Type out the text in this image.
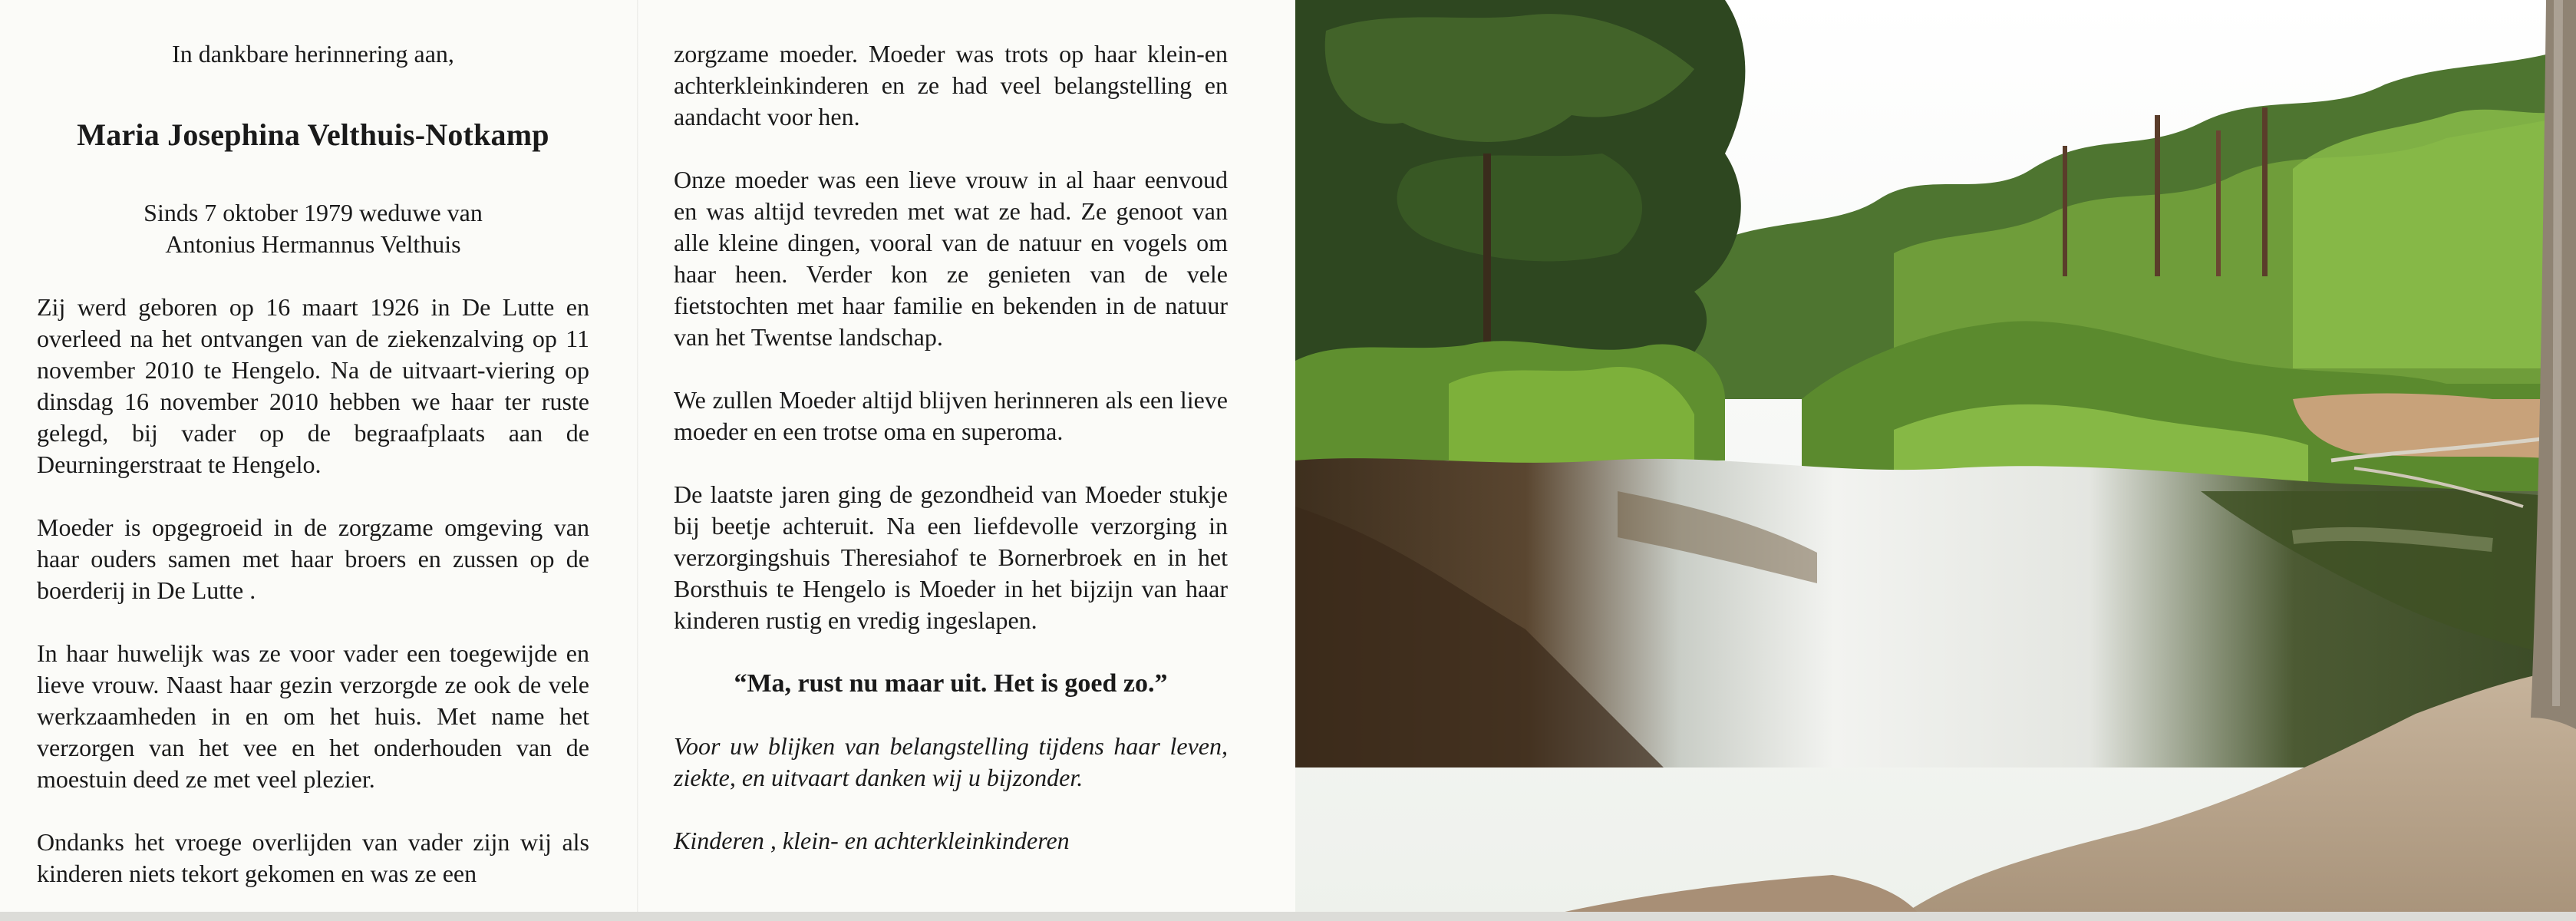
In dankbare herinnering aan,

Maria Josephina Velthuis-Notkamp

Sinds 7 oktober 1979 weduwe van

Antonius Hermannus Velthuis

Zij werd geboren op 16 maart 1926 in De Lutte en overleed na het ontvangen van de ziekenzalving op 11 november 2010 te Hengelo. Na de uitvaart-viering op dinsdag 16 november 2010 hebben we haar ter ruste gelegd, bij vader op de begraafplaats aan de Deurningerstraat te Hengelo.

Moeder is opgegroeid in de zorgzame omgeving van haar ouders samen met haar broers en zussen op de boerderij in De Lutte .

In haar huwelijk was ze voor vader een toegewijde en lieve vrouw. Naast haar gezin verzorgde ze ook de vele werkzaamheden in en om het huis. Met name het verzorgen van het vee en het onderhouden van de moestuin deed ze met veel plezier.

Ondanks het vroege overlijden van vader zijn wij als kinderen niets tekort gekomen en was ze een

zorgzame moeder. Moeder was trots op haar klein-en achterkleinkinderen en ze had veel belangstelling en aandacht voor hen.

Onze moeder was een lieve vrouw in al haar eenvoud en was altijd tevreden met wat ze had. Ze genoot van alle kleine dingen, vooral van de natuur en vogels om haar heen. Verder kon ze genieten van de vele fietstochten met haar familie en bekenden in de natuur van het Twentse landschap.

We zullen Moeder altijd blijven herinneren als een lieve moeder en een trotse oma en superoma.

De laatste jaren ging de gezondheid van Moeder stukje bij beetje achteruit. Na een liefdevolle verzorging in verzorgingshuis Theresiahof te Bornerbroek en in het Borsthuis te Hengelo is Moeder in het bijzijn van haar kinderen rustig en vredig ingeslapen.

“Ma, rust nu maar uit. Het is goed zo.”

Voor uw blijken van belangstelling tijdens haar leven, ziekte, en uitvaart danken wij u bijzonder.

Kinderen , klein- en achterkleinkinderen
